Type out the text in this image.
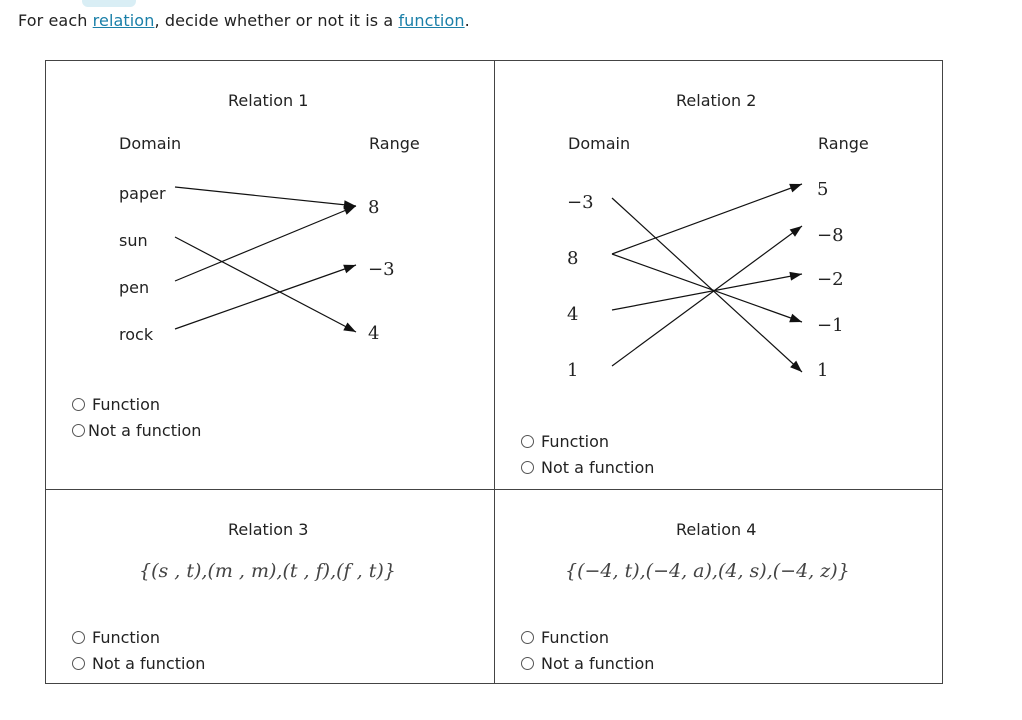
For each relation, decide whether or not it is a function.
Relation 1
Domain	Range
paper
sun
pen
rock
8
−3
4
Function
Not a function
Relation 2
Domain	Range
−3
8
4
1
5
−8
−2
−1
1
Function
Not a function
Relation 3
{(s , t),(m , m),(t , f),(f , t)}
Function
Not a function
Relation 4
{(−4, t),(−4, a),(4, s),(−4, z)}
Function
Not a function
